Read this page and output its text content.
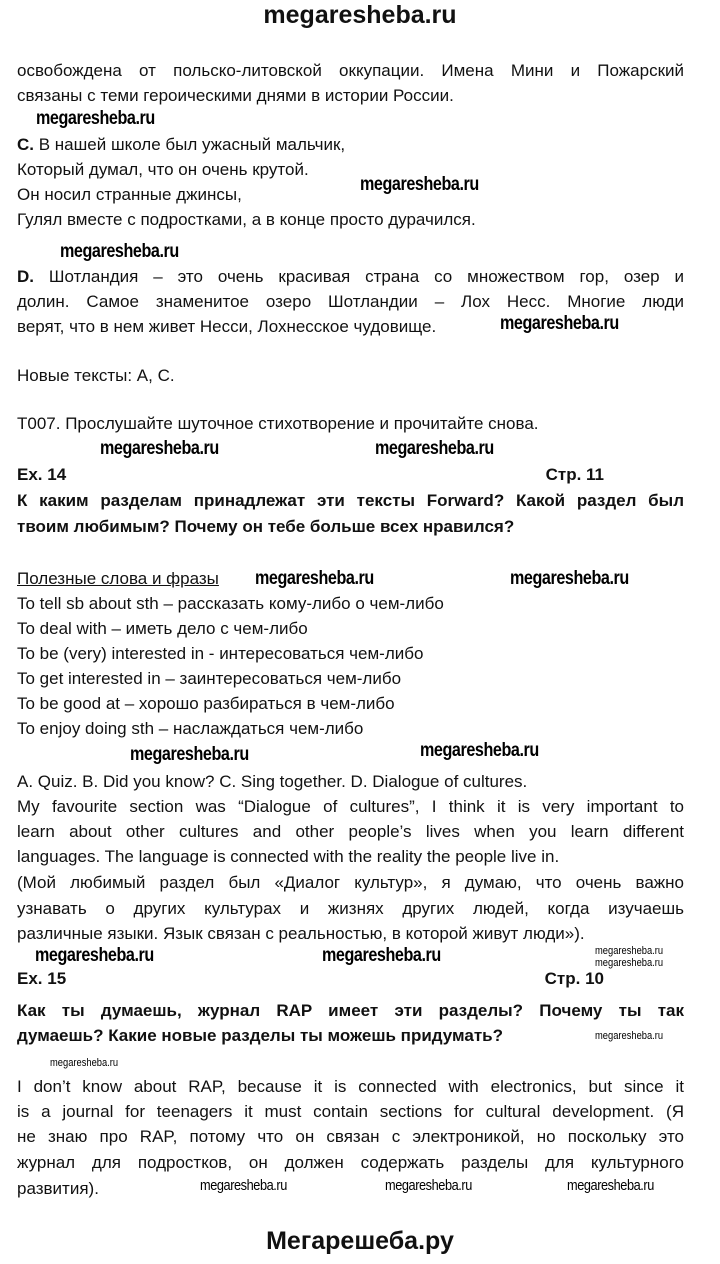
megaresheba.ru
освобождена от польско-литовской оккупации. Имена Мини и Пожарский
связаны с теми героическими днями в истории России.
megaresheba.ru
C. В нашей школе был ужасный мальчик,
Который думал, что он очень крутой.
Он носил странные джинсы,
Гулял вместе с подростками, а в конце просто дурачился.
megaresheba.ru
megaresheba.ru
D. Шотландия – это очень красивая страна со множеством гор, озер и
долин. Самое знаменитое озеро Шотландии – Лох Несс. Многие люди
верят, что в нем живет Несси, Лохнесское чудовище.	megaresheba.ru
Новые тексты: А, С.
Т007. Прослушайте шуточное стихотворение и прочитайте снова.
megaresheba.ru	megaresheba.ru
Ex. 14	Стр. 11
К каким разделам принадлежат эти тексты Forward? Какой раздел был
твоим любимым? Почему он тебе больше всех нравился?
Полезные слова и фразы	megaresheba.ru	megaresheba.ru
To tell sb about sth – рассказать кому-либо о чем-либо
To deal with – иметь дело с чем-либо
To be (very) interested in - интересоваться чем-либо
To get interested in – заинтересоваться чем-либо
To be good at – хорошо разбираться в чем-либо
To enjoy doing sth – наслаждаться чем-либо
megaresheba.ru	megaresheba.ru
A. Quiz. B. Did you know? C. Sing together. D. Dialogue of cultures.
My favourite section was “Dialogue of cultures”, I think it is very important to
learn about other cultures and other people’s lives when you learn different
languages. The language is connected with the reality the people live in.
(Мой любимый раздел был «Диалог культур», я думаю, что очень важно
узнавать о других культурах и жизнях других людей, когда изучаешь
различные языки. Язык связан с реальностью, в которой живут люди»).
megaresheba.ru
megaresheba.ru	megaresheba.ru	megaresheba.ru
Ex. 15	Стр. 10
Как ты думаешь, журнал RAP имеет эти разделы? Почему ты так
думаешь? Какие новые разделы ты можешь придумать?	megaresheba.ru
megaresheba.ru
I don’t know about RAP, because it is connected with electronics, but since it
is a journal for teenagers it must contain sections for cultural development. (Я
не знаю про RAP, потому что он связан с электроникой, но поскольку это
журнал для подростков, он должен содержать разделы для культурного
развития).	megaresheba.ru	megaresheba.ru	megaresheba.ru
Мегарешеба.ру
